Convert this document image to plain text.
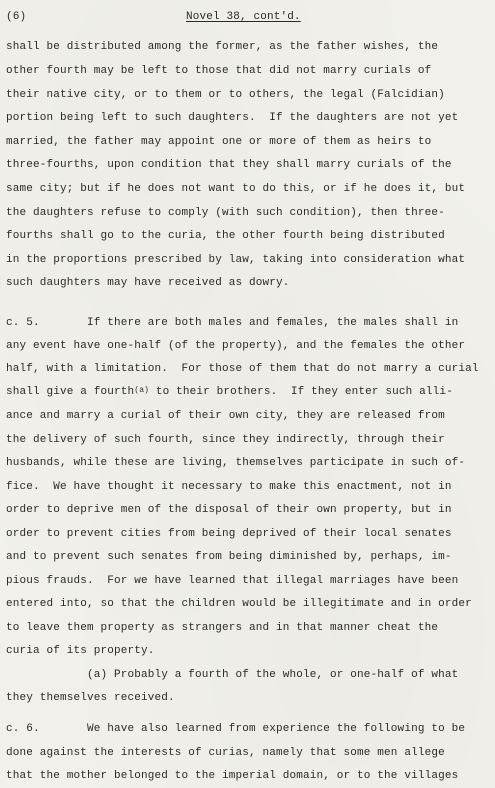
(6)	Novel 38, cont'd.
shall be distributed among the former, as the father wishes, the
other fourth may be left to those that did not marry curials of
their native city, or to them or to others, the legal (Falcidian)
portion being left to such daughters.  If the daughters are not yet
married, the father may appoint one or more of them as heirs to
three-fourths, upon condition that they shall marry curials of the
same city; but if he does not want to do this, or if he does it, but
the daughters refuse to comply (with such condition), then three-
fourths shall go to the curia, the other fourth being distributed
in the proportions prescribed by law, taking into consideration what
such daughters may have received as dowry.
c. 5.       If there are both males and females, the males shall in
any event have one-half (of the property), and the females the other
half, with a limitation.  For those of them that do not marry a curial
shall give a fourth$^{(a)}$ to their brothers.  If they enter such alli-
ance and marry a curial of their own city, they are released from
the delivery of such fourth, since they indirectly, through their
husbands, while these are living, themselves participate in such of-
fice.  We have thought it necessary to make this enactment, not in
order to deprive men of the disposal of their own property, but in
order to prevent cities from being deprived of their local senates
and to prevent such senates from being diminished by, perhaps, im-
pious frauds.  For we have learned that illegal marriages have been
entered into, so that the children would be illegitimate and in order
to leave them property as strangers and in that manner cheat the
curia of its property.
(a) Probably a fourth of the whole, or one-half of what
they themselves received.
c. 6.       We have also learned from experience the following to be
done against the interests of curias, namely that some men allege
that the mother belonged to the imperial domain, or to the villages
